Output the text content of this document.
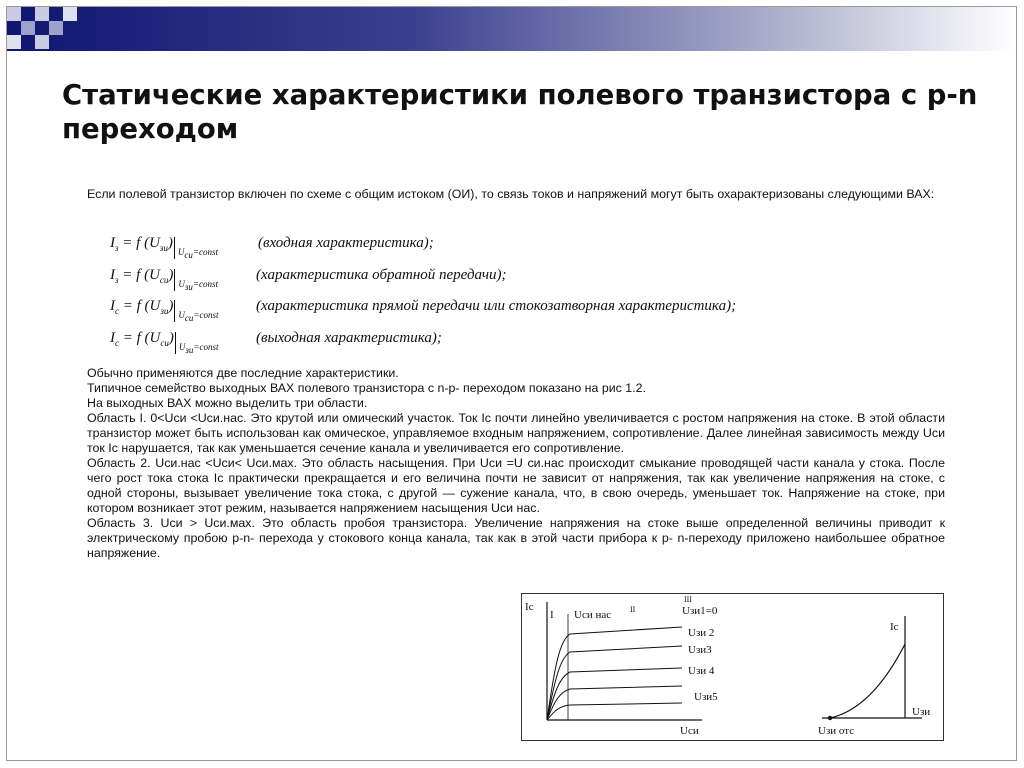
Статические характеристики полевого транзистора с p-n переходом

Если полевой транзистор включен по схеме с общим истоком (ОИ), то связь токов и напряжений могут быть охарактеризованы следующими ВАХ:

$I_з = f$ $(U_{зи})U_{си}=const$
(входная характеристика);
$I_з = f$ $(U_{си})U_{зи}=const$
(характеристика обратной передачи);
$I_с = f$ $(U_{зи})U_{си}=const$
(характеристика прямой передачи или стокозатворная характеристика);
$I_с = f$ $(U_{си})U_{зи}=const$
(выходная характеристика);

Обычно применяются две последние характеристики.

Типичное семейство выходных ВАХ полевого транзистора с n-p- переходом показано на рис 1.2.

На выходных ВАХ можно выделить три области.

Область I. 0<Uси <Uси.нас. Это крутой или омический участок. Ток Iс почти линейно увеличивается с ростом напряжения на стоке. В этой области транзистор может быть использован как омическое, управляемое входным напряжением, сопротивление. Далее линейная зависимость между Uси ток Iс нарушается, так как уменьшается сечение канала и увеличивается его сопротивление.

Область 2. Uси.нас <Uси< Uси.мах. Это область насыщения. При Uси =U си.нас происходит смыкание проводящей части канала у стока. После чего рост тока стока Iс практически прекращается и его величина почти не зависит от напряжения, так как увеличение напряжения на стоке, с одной стороны, вызывает увеличение тока стока, с другой — сужение канала, что, в свою очередь, уменьшает ток. Напряжение на стоке, при котором возникает этот режим, называется напряжением насыщения Uси нас.

Область 3. Uси > Uси.мах. Это область пробоя транзистора. Увеличение напряжения на стоке выше определенной величины приводит к электрическому пробою p-n- перехода у стокового конца канала, так как в этой части прибора к p- n-переходу приложено наибольшее обратное напряжение.

Iс
I Uси нас II
III
Uзи1=0
Uзи 2
Uзи3
Uзи 4
Uзи5
Uси
Iс
Uзи
Uзи отс
